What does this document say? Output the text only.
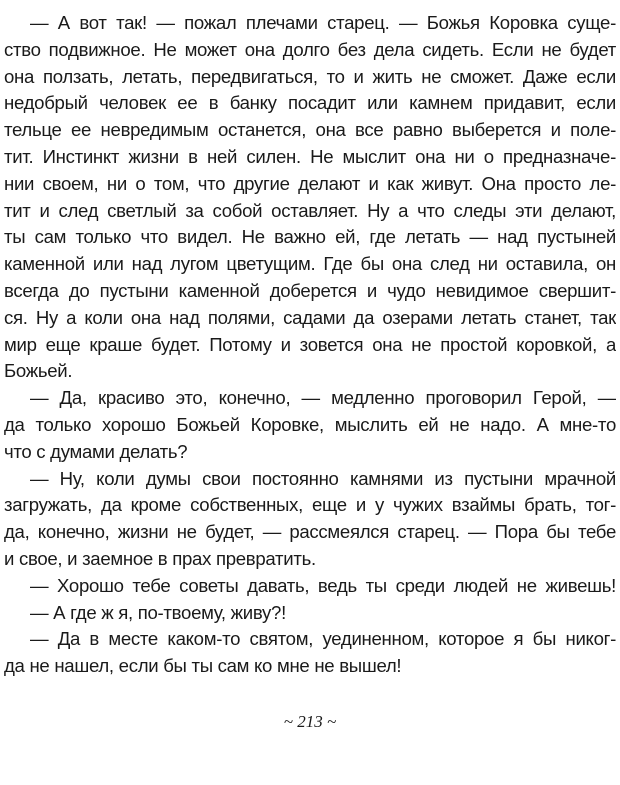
— А вот так! — пожал плечами старец. — Божья Коровка суще-
ство подвижное. Не может она долго без дела сидеть. Если не будет
она ползать, летать, передвигаться, то и жить не сможет. Даже если
недобрый человек ее в банку посадит или камнем придавит, если
тельце ее невредимым останется, она все равно выберется и поле-
тит. Инстинкт жизни в ней силен. Не мыслит она ни о предназначе-
нии своем, ни о том, что другие делают и как живут. Она просто ле-
тит и след светлый за собой оставляет. Ну а что следы эти делают,
ты сам только что видел. Не важно ей, где летать — над пустыней
каменной или над лугом цветущим. Где бы она след ни оставила, он
всегда до пустыни каменной доберется и чудо невидимое свершит-
ся. Ну а коли она над полями, садами да озерами летать станет, так
мир еще краше будет. Потому и зовется она не простой коровкой, а
Божьей.
— Да, красиво это, конечно, — медленно проговорил Герой, —
да только хорошо Божьей Коровке, мыслить ей не надо. А мне-то
что с думами делать?
— Ну, коли думы свои постоянно камнями из пустыни мрачной
загружать, да кроме собственных, еще и у чужих взаймы брать, тог-
да, конечно, жизни не будет, — рассмеялся старец. — Пора бы тебе
и свое, и заемное в прах превратить.
— Хорошо тебе советы давать, ведь ты среди людей не живешь!
— А где ж я, по-твоему, живу?!
— Да в месте каком-то святом, уединенном, которое я бы никог-
да не нашел, если бы ты сам ко мне не вышел!
~ 213 ~
